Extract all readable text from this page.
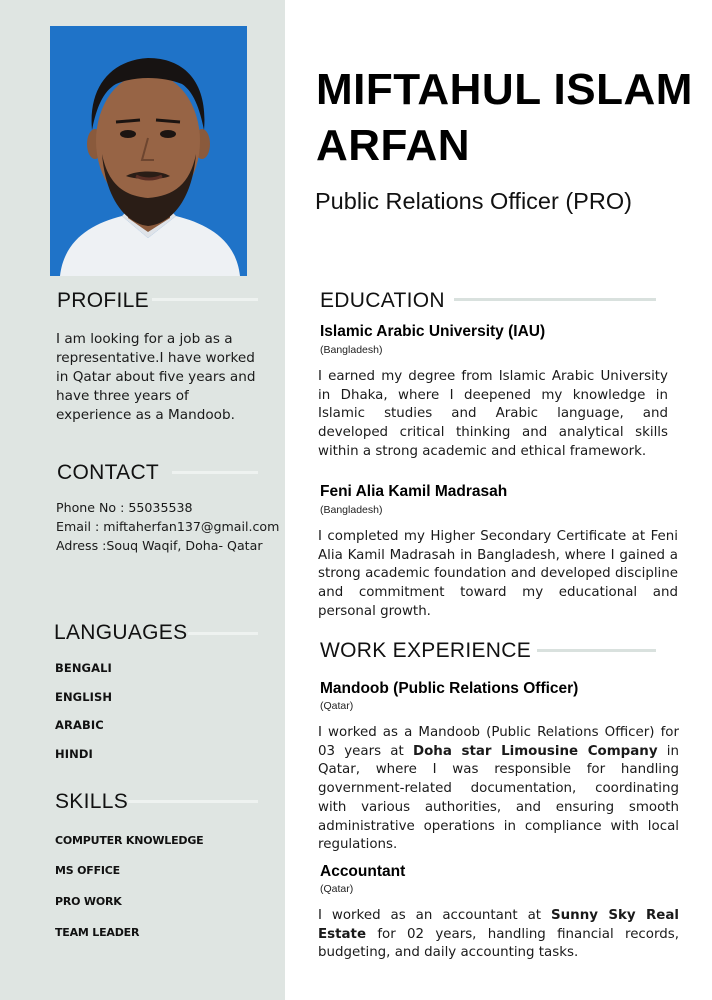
PROFILE
I am looking for a job as a representative.I have worked in Qatar about five years and have three years of experience as a Mandoob.
CONTACT
Phone No : 55035538
Email : miftaherfan137@gmail.com
Adress :Souq Waqif, Doha- Qatar
LANGUAGES
BENGALI
ENGLISH
ARABIC
HINDI
SKILLS
COMPUTER KNOWLEDGE
MS OFFICE
PRO WORK
TEAM LEADER
MIFTAHUL ISLAM ARFAN
Public Relations Officer (PRO)
EDUCATION
Islamic Arabic University (IAU)
(Bangladesh)
I earned my degree from Islamic Arabic University in Dhaka, where I deepened my knowledge in Islamic studies and Arabic language, and developed critical thinking and analytical skills within a strong academic and ethical framework.
Feni Alia Kamil Madrasah
(Bangladesh)
I completed my Higher Secondary Certificate at Feni Alia Kamil Madrasah in Bangladesh, where I gained a strong academic foundation and developed discipline and commitment toward my educational and personal growth.
WORK EXPERIENCE
Mandoob (Public Relations Officer)
(Qatar)
I worked as a Mandoob (Public Relations Officer) for 03 years at Doha star Limousine Company in Qatar, where I was responsible for handling government-related documentation, coordinating with various authorities, and ensuring smooth administrative operations in compliance with local regulations.
Accountant
(Qatar)
I worked as an accountant at Sunny Sky Real Estate for 02 years, handling financial records, budgeting, and daily accounting tasks.
